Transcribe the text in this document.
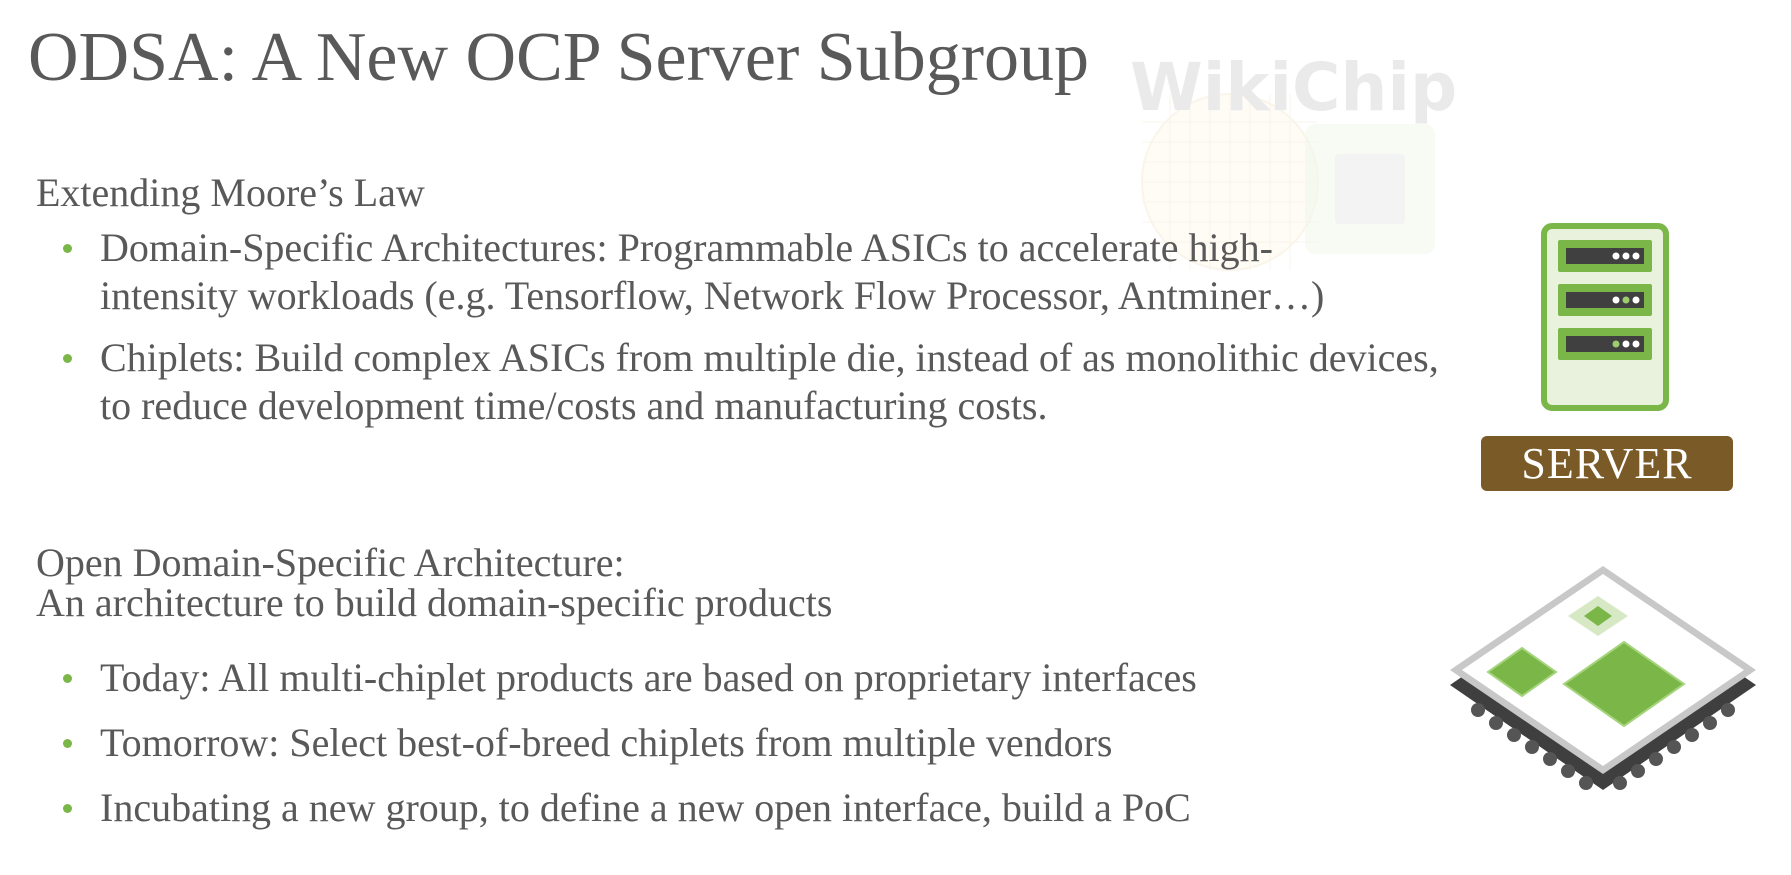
ODSA: A New OCP Server Subgroup WikiChip
Extending Moore’s Law
Domain-Specific Architectures: Programmable ASICs to accelerate high-intensity workloads (e.g. Tensorflow, Network Flow Processor, Antminer…)
Chiplets: Build complex ASICs from multiple die, instead of as monolithic devices, to reduce development time/costs and manufacturing costs.
Open Domain-Specific Architecture:
An architecture to build domain-specific products
Today: All multi-chiplet products are based on proprietary interfaces
Tomorrow: Select best-of-breed chiplets from multiple vendors
Incubating a new group, to define a new open interface, build a PoC
SERVER
